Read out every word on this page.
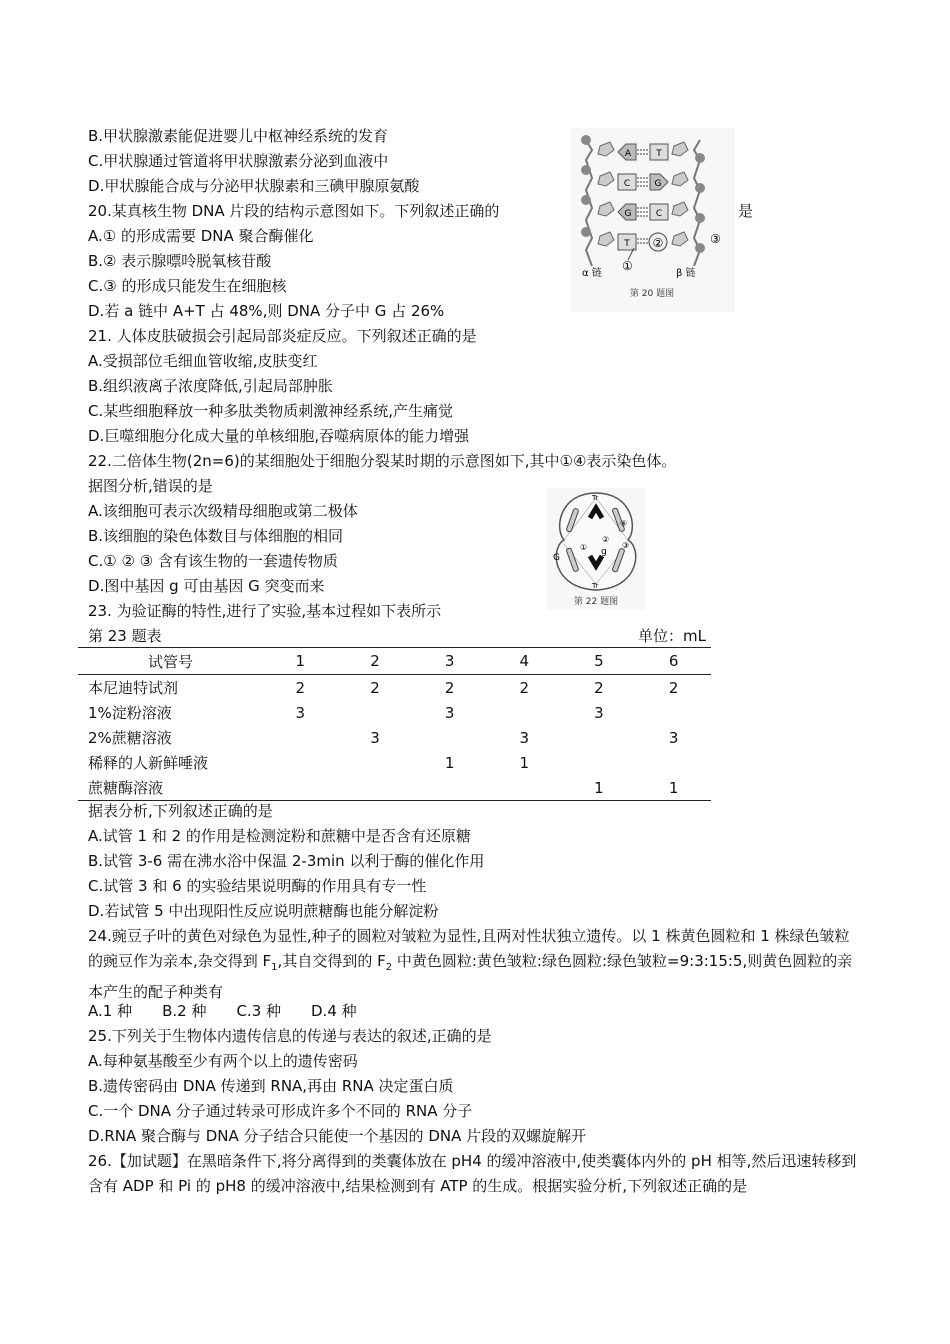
B.甲状腺激素能促进婴儿中枢神经系统的发育
C.甲状腺通过管道将甲状腺激素分泌到血液中
D.甲状腺能合成与分泌甲状腺素和三碘甲腺原氨酸
20.某真核生物 DNA 片段的结构示意图如下。下列叙述正确的	是
A.① 的形成需要 DNA 聚合酶催化
B.② 表示腺嘌呤脱氧核苷酸
C.③ 的形成只能发生在细胞核
D.若 a 链中 A+T 占 48%,则 DNA 分子中 G 占 26%
21. 人体皮肤破损会引起局部炎症反应。下列叙述正确的是
A.受损部位毛细血管收缩,皮肤变红
B.组织液离子浓度降低,引起局部肿胀
C.某些细胞释放一种多肽类物质刺激神经系统,产生痛觉
D.巨噬细胞分化成大量的单核细胞,吞噬病原体的能力增强
22.二倍体生物(2n=6)的某细胞处于细胞分裂某时期的示意图如下,其中①④表示染色体。
据图分析,错误的是
A.该细胞可表示次级精母细胞或第二极体
B.该细胞的染色体数目与体细胞的相同
C.① ② ③ 含有该生物的一套遗传物质
D.图中基因 g 可由基因 G 突变而来
23. 为验证酶的特性,进行了实验,基本过程如下表所示
第 23 题表	单位：mL
试管号	1	2	3	4	5	6
本尼迪特试剂	2	2	2	2	2	2
1%淀粉溶液	3		3		3	
2%蔗糖溶液		3		3		3
稀释的人新鲜唾液			1	1		
蔗糖酶溶液					1	1
据表分析,下列叙述正确的是
A.试管 1 和 2 的作用是检测淀粉和蔗糖中是否含有还原糖
B.试管 3-6 需在沸水浴中保温 2-3min 以利于酶的催化作用
C.试管 3 和 6 的实验结果说明酶的作用具有专一性
D.若试管 5 中出现阳性反应说明蔗糖酶也能分解淀粉
24.豌豆子叶的黄色对绿色为显性,种子的圆粒对皱粒为显性,且两对性状独立遗传。以 1 株黄色圆粒和 1 株绿色皱粒的豌豆作为亲本,杂交得到 $F_1$,其自交得到的 $F_2$ 中黄色圆粒:黄色皱粒:绿色圆粒:绿色皱粒=9:3:15:5,则黄色圆粒的亲本产生的配子种类有
A.1 种　　B.2 种　　C.3 种　　D.4 种
25.下列关于生物体内遗传信息的传递与表达的叙述,正确的是
A.每种氨基酸至少有两个以上的遗传密码
B.遗传密码由 DNA 传递到 RNA,再由 RNA 决定蛋白质
C.一个 DNA 分子通过转录可形成许多个不同的 RNA 分子
D.RNA 聚合酶与 DNA 分子结合只能使一个基因的 DNA 片段的双螺旋解开
26.【加试题】在黑暗条件下,将分离得到的类囊体放在 pH4 的缓冲溶液中,使类囊体内外的 pH 相等,然后迅速转移到含有 ADP 和 Pi 的 pH8 的缓冲溶液中,结果检测到有 ATP 的生成。根据实验分析,下列叙述正确的是
A	T
C	G
G	C
T ②	③
①
α 链	β 链
第 20 题图
Tr
Tr
G
g
①
②
③
④
第 22 题图
